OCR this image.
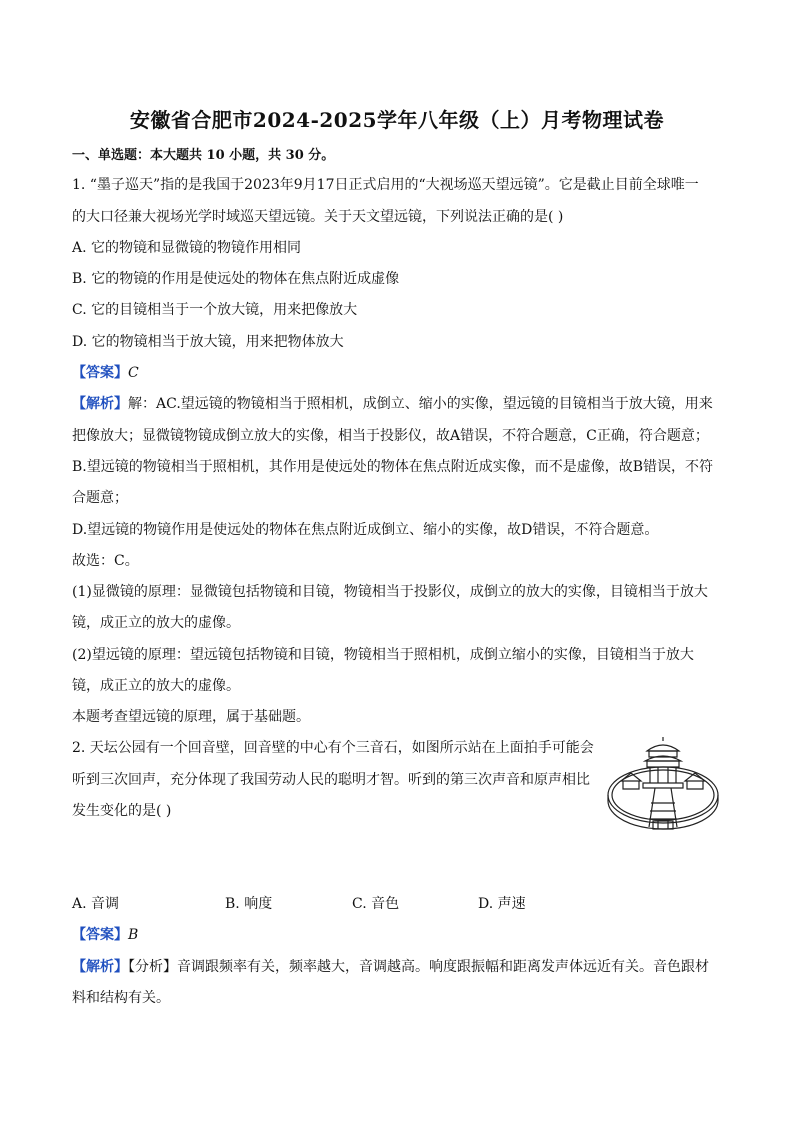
安徽省合肥市2024-2025学年八年级（上）月考物理试卷
一、单选题：本大题共 10 小题，共 30 分。
1. “墨子巡天”指的是我国于2023年9月17日正式启用的“大视场巡天望远镜”。它是截止目前全球唯一
的大口径兼大视场光学时域巡天望远镜。关于天文望远镜，下列说法正确的是( )
A. 它的物镜和显微镜的物镜作用相同
B. 它的物镜的作用是使远处的物体在焦点附近成虚像
C. 它的目镜相当于一个放大镜，用来把像放大
D. 它的物镜相当于放大镜，用来把物体放大
【答案】C
【解析】解：AC.望远镜的物镜相当于照相机，成倒立、缩小的实像，望远镜的目镜相当于放大镜，用来
把像放大；显微镜物镜成倒立放大的实像，相当于投影仪，故A错误，不符合题意，C正确，符合题意；
B.望远镜的物镜相当于照相机，其作用是使远处的物体在焦点附近成实像，而不是虚像，故B错误，不符
合题意；
D.望远镜的物镜作用是使远处的物体在焦点附近成倒立、缩小的实像，故D错误，不符合题意。
故选：C。
(1)显微镜的原理：显微镜包括物镜和目镜，物镜相当于投影仪，成倒立的放大的实像，目镜相当于放大
镜，成正立的放大的虚像。
(2)望远镜的原理：望远镜包括物镜和目镜，物镜相当于照相机，成倒立缩小的实像，目镜相当于放大
镜，成正立的放大的虚像。
本题考查望远镜的原理，属于基础题。
2. 天坛公园有一个回音壁，回音壁的中心有个三音石，如图所示站在上面拍手可能会
听到三次回声，充分体现了我国劳动人民的聪明才智。听到的第三次声音和原声相比
发生变化的是( )
A. 音调	B. 响度	C. 音色	D. 声速
【答案】B
【解析】【分析】音调跟频率有关，频率越大，音调越高。响度跟振幅和距离发声体远近有关。音色跟材
料和结构有关。
